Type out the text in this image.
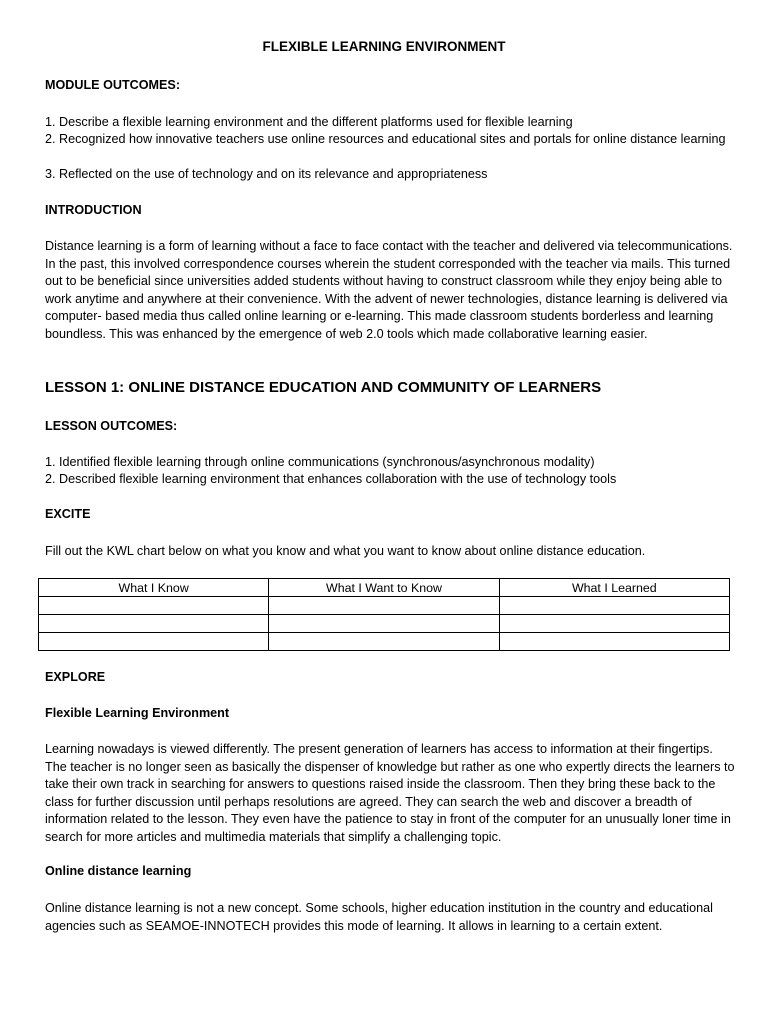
FLEXIBLE LEARNING ENVIRONMENT
MODULE OUTCOMES:
1. Describe a flexible learning environment and the different platforms used for flexible learning
2. Recognized how innovative teachers use online resources and educational sites and portals for online distance learning
3. Reflected on the use of technology and on its relevance and appropriateness
INTRODUCTION
Distance learning is a form of learning without a face to face contact with the teacher and delivered via telecommunications. In the past, this involved correspondence courses wherein the student corresponded with the teacher via mails. This turned out to be beneficial since universities added students without having to construct classroom while they enjoy being able to work anytime and anywhere at their convenience. With the advent of newer technologies, distance learning is delivered via computer- based media thus called online learning or e-learning. This made classroom students borderless and learning boundless. This was enhanced by the emergence of web 2.0 tools which made collaborative learning easier.
LESSON 1: ONLINE DISTANCE EDUCATION AND COMMUNITY OF LEARNERS
LESSON OUTCOMES:
1. Identified flexible learning through online communications (synchronous/asynchronous modality)
2. Described flexible learning environment that enhances collaboration with the use of technology tools
EXCITE
Fill out the KWL chart below on what you know and what you want to know about online distance education.
What I Know	What I Want to Know	What I Learned

EXPLORE
Flexible Learning Environment
Learning nowadays is viewed differently. The present generation of learners has access to information at their fingertips. The teacher is no longer seen as basically the dispenser of knowledge but rather as one who expertly directs the learners to take their own track in searching for answers to questions raised inside the classroom. Then they bring these back to the class for further discussion until perhaps resolutions are agreed. They can search the web and discover a breadth of information related to the lesson. They even have the patience to stay in front of the computer for an unusually loner time in search for more articles and multimedia materials that simplify a challenging topic.
Online distance learning
Online distance learning is not a new concept. Some schools, higher education institution in the country and educational agencies such as SEAMOE-INNOTECH provides this mode of learning. It allows in learning to a certain extent.
